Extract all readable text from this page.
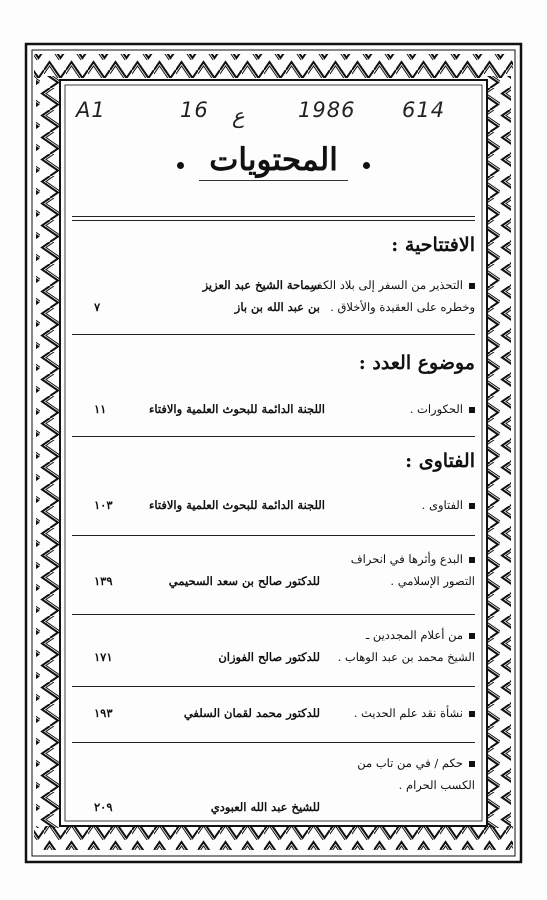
A1	16 ع	1986 614
المحتويات
الافتتاحية :
التحذير من السفر إلى بلاد الكفر
سماحة الشيخ عبد العزيز
وخطره على العقيدة والأخلاق .
بن عبد الله بن باز
٧
موضوع العدد :
الحكورات .
اللجنة الدائمة للبحوث العلمية والافتاء
١١
الفتاوى :
الفتاوى .
اللجنة الدائمة للبحوث العلمية والافتاء
١٠٣
البدع وأثرها في انحراف
التصور الإسلامي .
للدكتور صالح بن سعد السحيمي
١٣٩
من أعلام المجددين ـ
الشيخ محمد بن عبد الوهاب .
للدكتور صالح الفوزان
١٧١
نشأة نقد علم الحديث .
للدكتور محمد لقمان السلفي
١٩٣
حكم / في من تاب من
الكسب الحرام .
للشيخ عبد الله العبودي
٢٠٩
